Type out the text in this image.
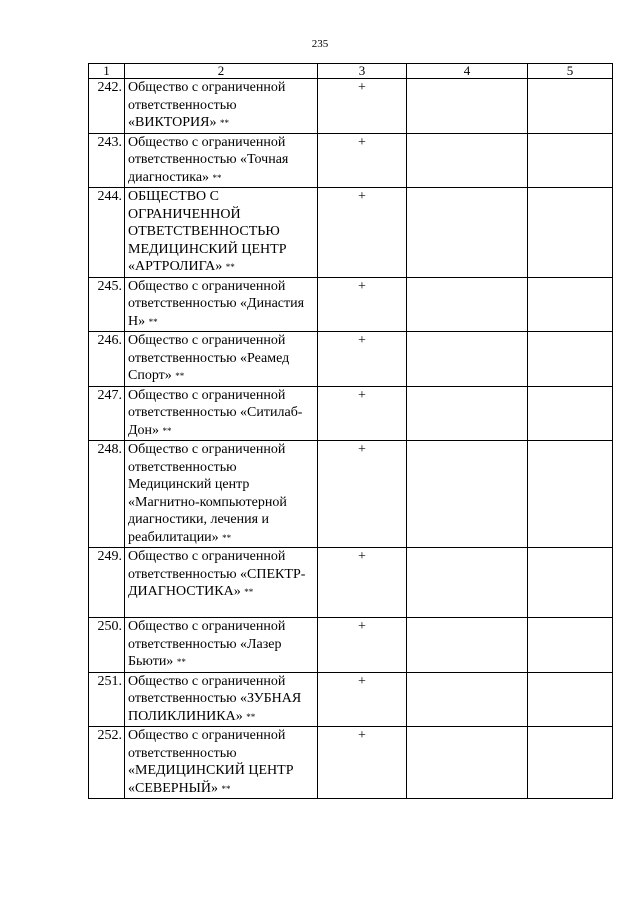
235
1	2	3	4	5
242.	Общество с ограниченной ответственностью «ВИКТОРИЯ» **	+		
243.	Общество с ограниченной ответственностью «Точная диагностика» **	+		
244.	ОБЩЕСТВО С ОГРАНИЧЕННОЙ ОТВЕТСТВЕННОСТЬЮ МЕДИЦИНСКИЙ ЦЕНТР «АРТРОЛИГА» **	+		
245.	Общество с ограниченной ответственностью «Династия Н» **	+		
246.	Общество с ограниченной ответственностью «Реамед Спорт» **	+		
247.	Общество с ограниченной ответственностью «Ситилаб-Дон» **	+		
248.	Общество с ограниченной ответственностью Медицинский центр «Магнитно-компьютерной диагностики, лечения и реабилитации» **	+		
249.	Общество с ограниченной ответственностью «СПЕКТР-ДИАГНОСТИКА» **	+		
250.	Общество с ограниченной ответственностью «Лазер Бьюти» **	+		
251.	Общество с ограниченной ответственностью «ЗУБНАЯ ПОЛИКЛИНИКА» **	+		
252.	Общество с ограниченной ответственностью «МЕДИЦИНСКИЙ ЦЕНТР «СЕВЕРНЫЙ» **	+		
